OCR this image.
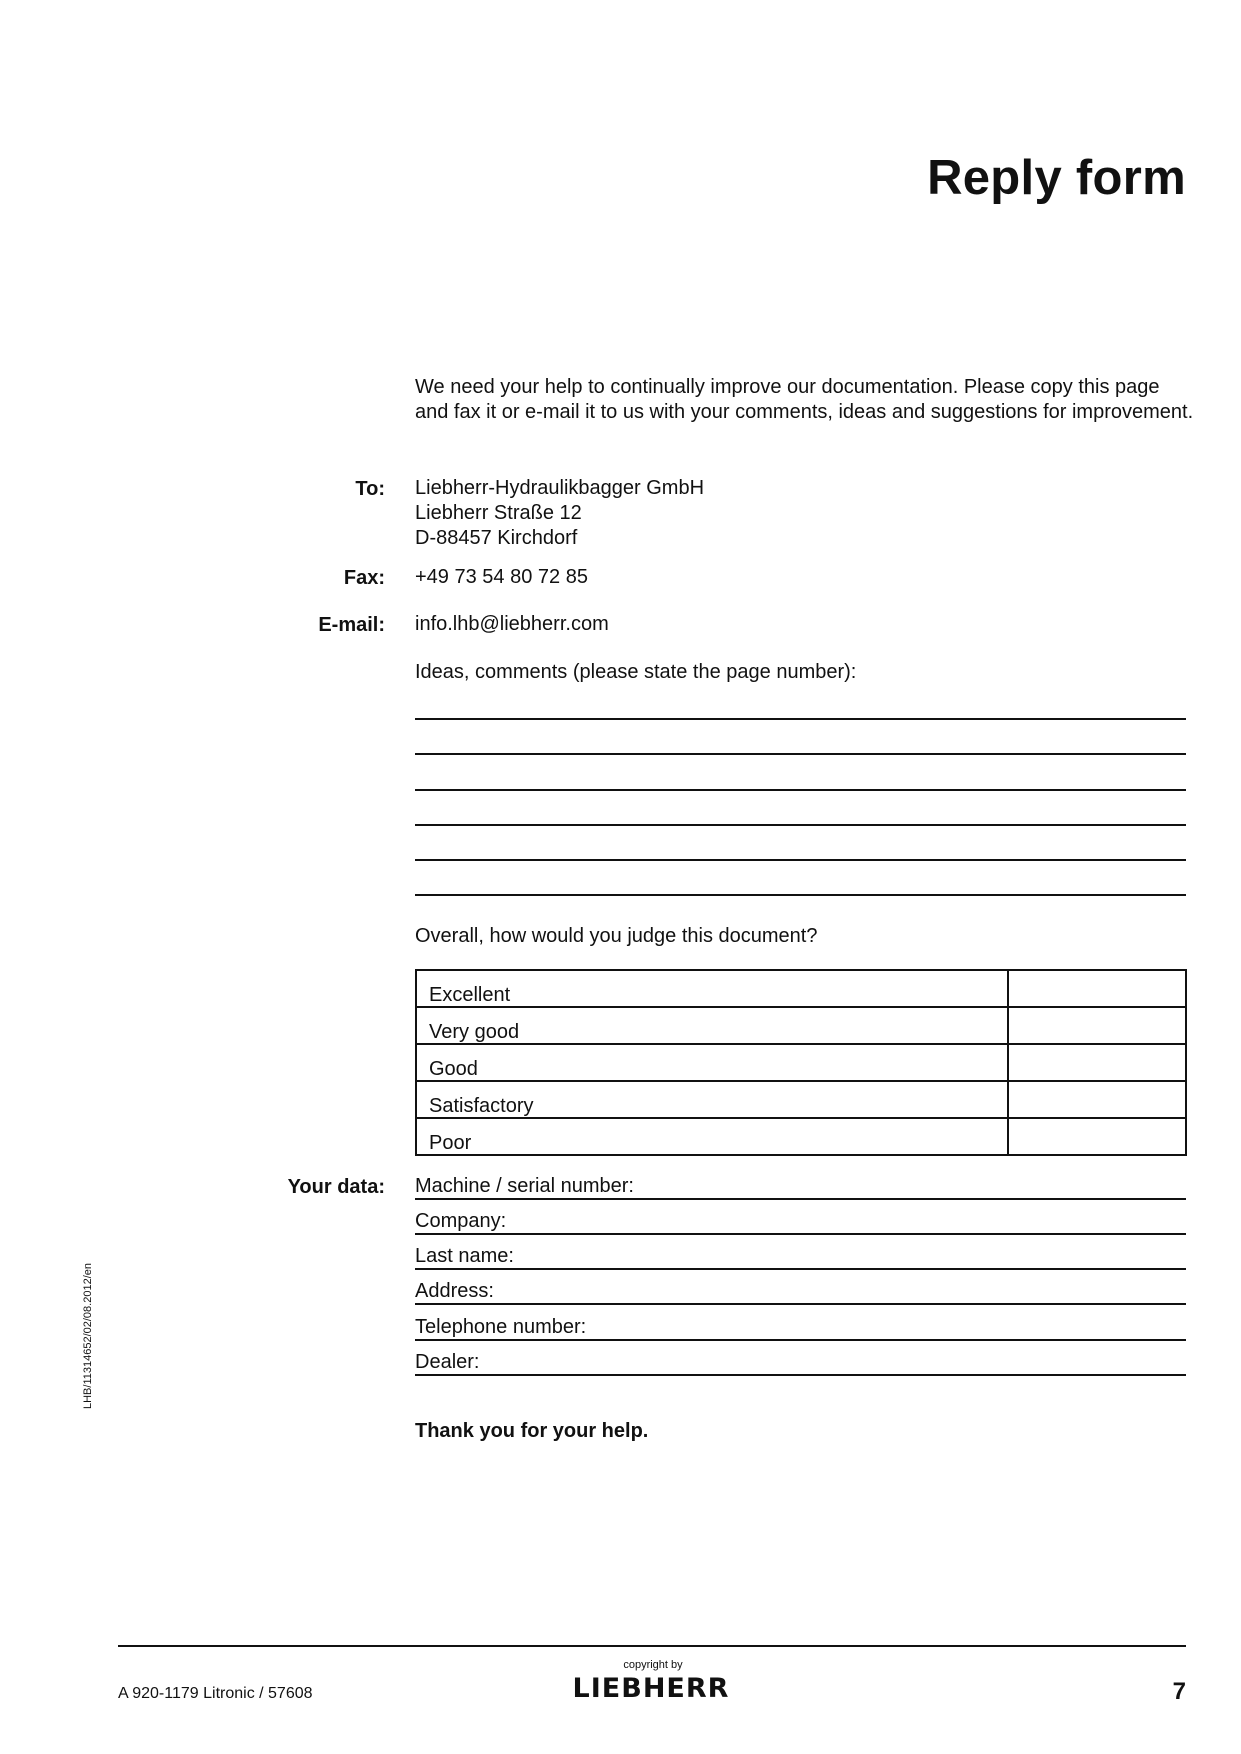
Reply form
We need your help to continually improve our documentation. Please copy this page and fax it or e-mail it to us with your comments, ideas and suggestions for improvement.
To: Liebherr-Hydraulikbagger GmbH
Liebherr Straße 12
D-88457 Kirchdorf
Fax: +49 73 54 80 72 85
E-mail: info.lhb@liebherr.com
Ideas, comments (please state the page number):
Overall, how would you judge this document?
Excellent	
Very good	
Good	
Satisfactory	
Poor	
Your data: Machine / serial number:
Company:
Last name:
Address:
Telephone number:
Dealer:
Thank you for your help.
LHB/11314652/02/08.2012/en
A 920-1179 Litronic / 57608
copyright by
LIEBHERR	7
